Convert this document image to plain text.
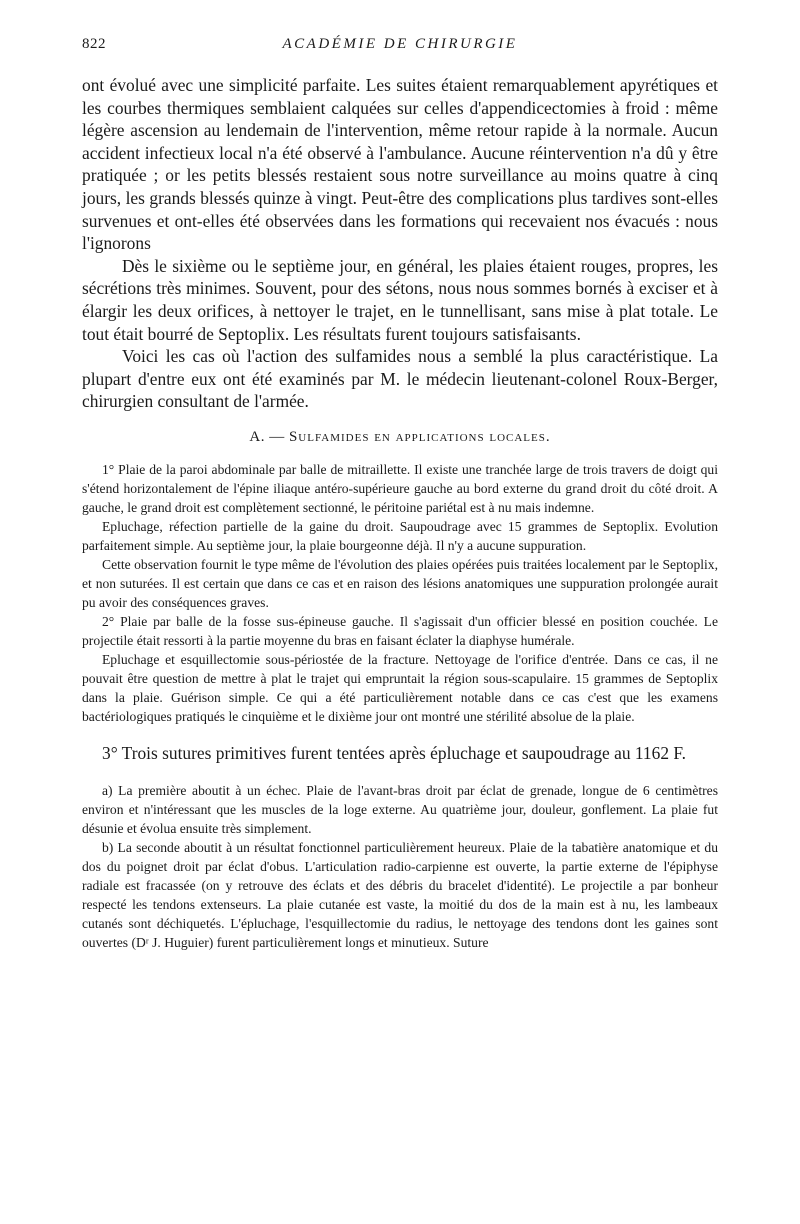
822	ACADÉMIE DE CHIRURGIE

ont évolué avec une simplicité parfaite. Les suites étaient remarquablement apyrétiques et les courbes thermiques semblaient calquées sur celles d'appendicectomies à froid : même légère ascension au lendemain de l'intervention, même retour rapide à la normale. Aucun accident infectieux local n'a été observé à l'ambulance. Aucune réintervention n'a dû y être pratiquée ; or les petits blessés restaient sous notre surveillance au moins quatre à cinq jours, les grands blessés quinze à vingt. Peut-être des complications plus tardives sont-elles survenues et ont-elles été observées dans les formations qui recevaient nos évacués : nous l'ignorons

Dès le sixième ou le septième jour, en général, les plaies étaient rouges, propres, les sécrétions très minimes. Souvent, pour des sétons, nous nous sommes bornés à exciser et à élargir les deux orifices, à nettoyer le trajet, en le tunnellisant, sans mise à plat totale. Le tout était bourré de Septoplix. Les résultats furent toujours satisfaisants.

Voici les cas où l'action des sulfamides nous a semblé la plus caractéristique. La plupart d'entre eux ont été examinés par M. le médecin lieutenant-colonel Roux-Berger, chirurgien consultant de l'armée.

A. — Sulfamides en applications locales.

1° Plaie de la paroi abdominale par balle de mitraillette. Il existe une tranchée large de trois travers de doigt qui s'étend horizontalement de l'épine iliaque antéro-supérieure gauche au bord externe du grand droit du côté droit. A gauche, le grand droit est complètement sectionné, le péritoine pariétal est à nu mais indemne.

Epluchage, réfection partielle de la gaine du droit. Saupoudrage avec 15 grammes de Septoplix. Evolution parfaitement simple. Au septième jour, la plaie bourgeonne déjà. Il n'y a aucune suppuration.

Cette observation fournit le type même de l'évolution des plaies opérées puis traitées localement par le Septoplix, et non suturées. Il est certain que dans ce cas et en raison des lésions anatomiques une suppuration prolongée aurait pu avoir des conséquences graves.

2° Plaie par balle de la fosse sus-épineuse gauche. Il s'agissait d'un officier blessé en position couchée. Le projectile était ressorti à la partie moyenne du bras en faisant éclater la diaphyse humérale.

Epluchage et esquillectomie sous-périostée de la fracture. Nettoyage de l'orifice d'entrée. Dans ce cas, il ne pouvait être question de mettre à plat le trajet qui empruntait la région sous-scapulaire. 15 grammes de Septoplix dans la plaie. Guérison simple. Ce qui a été particulièrement notable dans ce cas c'est que les examens bactériologiques pratiqués le cinquième et le dixième jour ont montré une stérilité absolue de la plaie.

3° Trois sutures primitives furent tentées après épluchage et saupoudrage au 1162 F.

a) La première aboutit à un échec. Plaie de l'avant-bras droit par éclat de grenade, longue de 6 centimètres environ et n'intéressant que les muscles de la loge externe. Au quatrième jour, douleur, gonflement. La plaie fut désunie et évolua ensuite très simplement.

b) La seconde aboutit à un résultat fonctionnel particulièrement heureux. Plaie de la tabatière anatomique et du dos du poignet droit par éclat d'obus. L'articulation radio-carpienne est ouverte, la partie externe de l'épiphyse radiale est fracassée (on y retrouve des éclats et des débris du bracelet d'identité). Le projectile a par bonheur respecté les tendons extenseurs. La plaie cutanée est vaste, la moitié du dos de la main est à nu, les lambeaux cutanés sont déchiquetés. L'épluchage, l'esquillectomie du radius, le nettoyage des tendons dont les gaines sont ouvertes (Dʳ J. Huguier) furent particulièrement longs et minutieux. Suture
